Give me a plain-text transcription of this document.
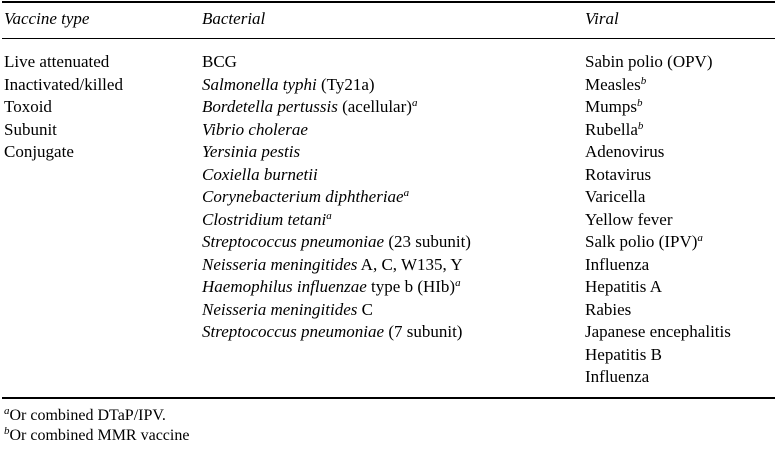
Vaccine type	Bacterial	Viral
Live attenuated
Inactivated/killed
Toxoid
Subunit
Conjugate
BCG
Salmonella typhi (Ty21a)
Bordetella pertussis (acellular)$^a$
Vibrio cholerae
Yersinia pestis
Coxiella burnetii
Corynebacterium diphtheriae$^a$
Clostridium tetani$^a$
Streptococcus pneumoniae (23 subunit)
Neisseria meningitides A, C, W135, Y
Haemophilus influenzae type b (HIb)$^a$
Neisseria meningitides C
Streptococcus pneumoniae (7 subunit)
Sabin polio (OPV)
Measles$^b$
Mumps$^b$
Rubella$^b$
Adenovirus
Rotavirus
Varicella
Yellow fever
Salk polio (IPV)$^a$
Influenza
Hepatitis A
Rabies
Japanese encephalitis
Hepatitis B
Influenza
$^a$Or combined DTaP/IPV.
$^b$Or combined MMR vaccine
